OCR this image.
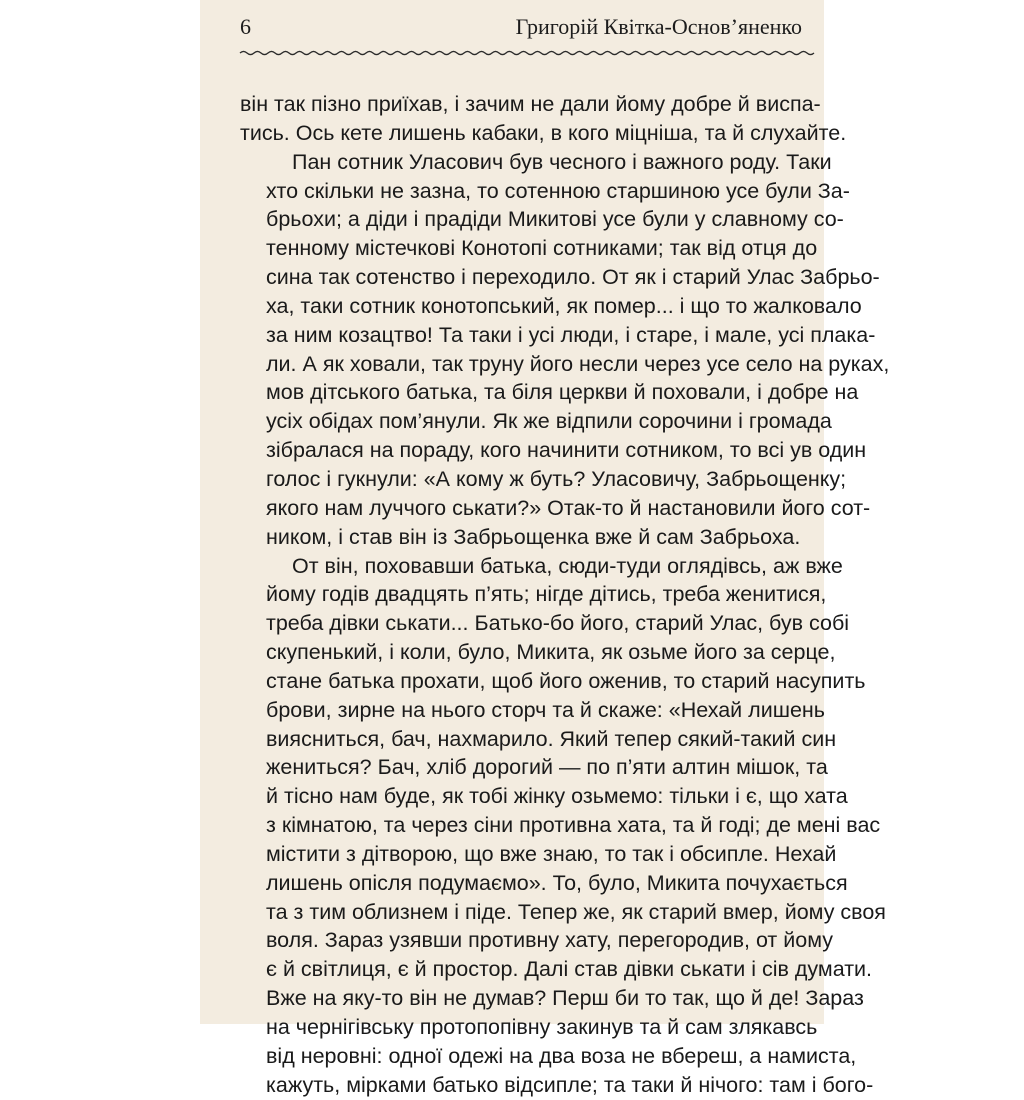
6	Григорій Квітка-Основ’яненко
він так пізно приїхав, і зачим не дали йому добре й виспа-
тись. Ось кете лишень кабаки, в кого міцніша, та й слухайте.
Пан сотник Уласович був чесного і важного роду. Таки
хто скільки не зазна, то сотенною старшиною усе були За-
брьохи; а діди і прадіди Микитові усе були у славному со-
тенному містечкові Конотопі сотниками; так від отця до
сина так сотенство і переходило. От як і старий Улас Забрьо-
ха, таки сотник конотопський, як помер... і що то жалковало
за ним козацтво! Та таки і усі люди, і старе, і мале, усі плака-
ли. А як ховали, так труну його несли через усе село на руках,
мов дітського батька, та біля церкви й поховали, і добре на
усіх обідах пом’янули. Як же відпили сорочини і громада
зібралася на пораду, кого начинити сотником, то всі ув один
голос і гукнули: «А кому ж буть? Уласовичу, Забрьощенку;
якого нам луччого ськати?» Отак-то й настановили його сот-
ником, і став він із Забрьощенка вже й сам Забрьоха.
От він, поховавши батька, сюди-туди оглядівсь, аж вже
йому годів двадцять п’ять; нігде дітись, треба женитися,
треба дівки ськати... Батько-бо його, старий Улас, був собі
скупенький, і коли, було, Микита, як озьме його за серце,
стане батька прохати, щоб його оженив, то старий насупить
брови, зирне на нього сторч та й скаже: «Нехай лишень
вияснитьcя, бач, нахмарило. Який тепер сякий-такий син
жениться? Бач, хліб дорогий — по п’яти алтин мішок, та
й тісно нам буде, як тобі жінку озьмемо: тільки і є, що хата
з кімнатою, та через сіни противна хата, та й годі; де мені вас
містити з дітворою, що вже знаю, то так і обсипле. Нехай
лишень опісля подумаємо». То, було, Микита почухається
та з тим облизнем і піде. Тепер же, як старий вмер, йому своя
воля. Зараз узявши противну хату, перегородив, от йому
є й світлиця, є й простор. Далі став дівки ськати і сів думати.
Вже на яку-то він не думав? Перш би то так, що й де! Зараз
на чернігівську протопопівну закинув та й сам злякавсь
від неровні: одної одежі на два воза не вбереш, а намиста,
кажуть, мірками батько відсипле; та таки й нічого: там і бого-
